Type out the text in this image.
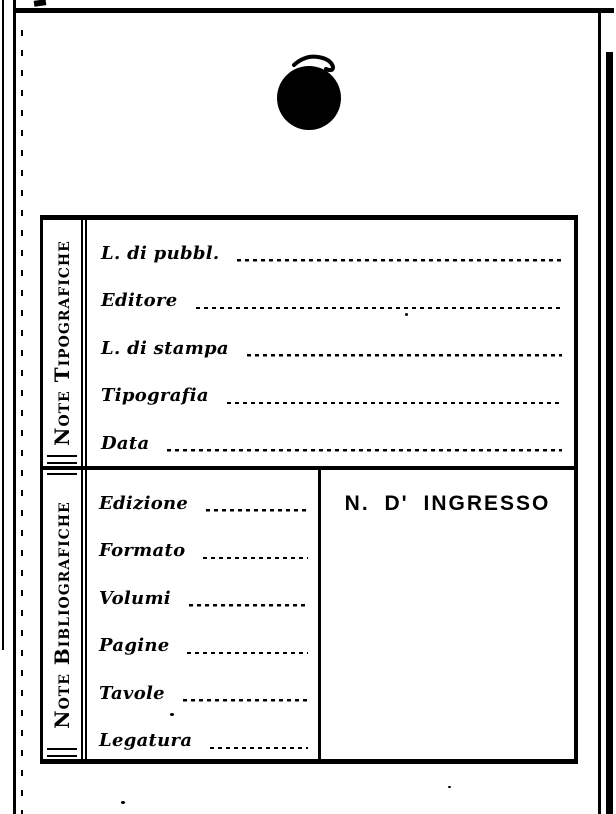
Note Tipografiche L. di pubbl.
Editore
L. di stampa
Tipografia
Data
Note Bibliografiche Edizione
Formato
Volumi
Pagine
Tavole
Legatura
N. D' INGRESSO
